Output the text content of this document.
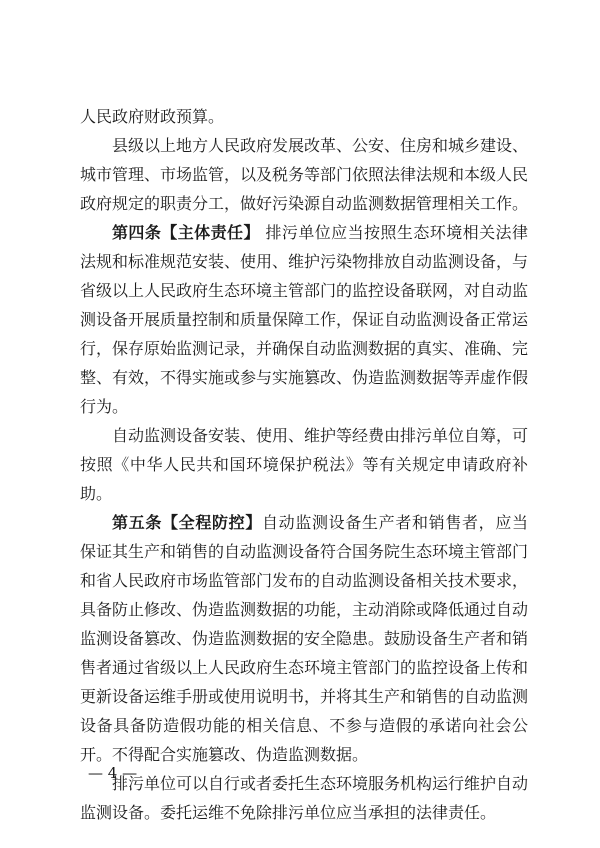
人民政府财政预算。

县级以上地方人民政府发展改革、公安、住房和城乡建设、城市管理、市场监管，以及税务等部门依照法律法规和本级人民政府规定的职责分工，做好污染源自动监测数据管理相关工作。

第四条【主体责任】 排污单位应当按照生态环境相关法律法规和标准规范安装、使用、维护污染物排放自动监测设备，与省级以上人民政府生态环境主管部门的监控设备联网，对自动监测设备开展质量控制和质量保障工作，保证自动监测设备正常运行，保存原始监测记录，并确保自动监测数据的真实、准确、完整、有效，不得实施或参与实施篡改、伪造监测数据等弄虚作假行为。

自动监测设备安装、使用、维护等经费由排污单位自筹，可按照《中华人民共和国环境保护税法》等有关规定申请政府补助。

第五条【全程防控】自动监测设备生产者和销售者，应当保证其生产和销售的自动监测设备符合国务院生态环境主管部门和省人民政府市场监管部门发布的自动监测设备相关技术要求，具备防止修改、伪造监测数据的功能，主动消除或降低通过自动监测设备篡改、伪造监测数据的安全隐患。鼓励设备生产者和销售者通过省级以上人民政府生态环境主管部门的监控设备上传和更新设备运维手册或使用说明书，并将其生产和销售的自动监测设备具备防造假功能的相关信息、不参与造假的承诺向社会公开。不得配合实施篡改、伪造监测数据。

排污单位可以自行或者委托生态环境服务机构运行维护自动监测设备。委托运维不免除排污单位应当承担的法律责任。

— 4 —
